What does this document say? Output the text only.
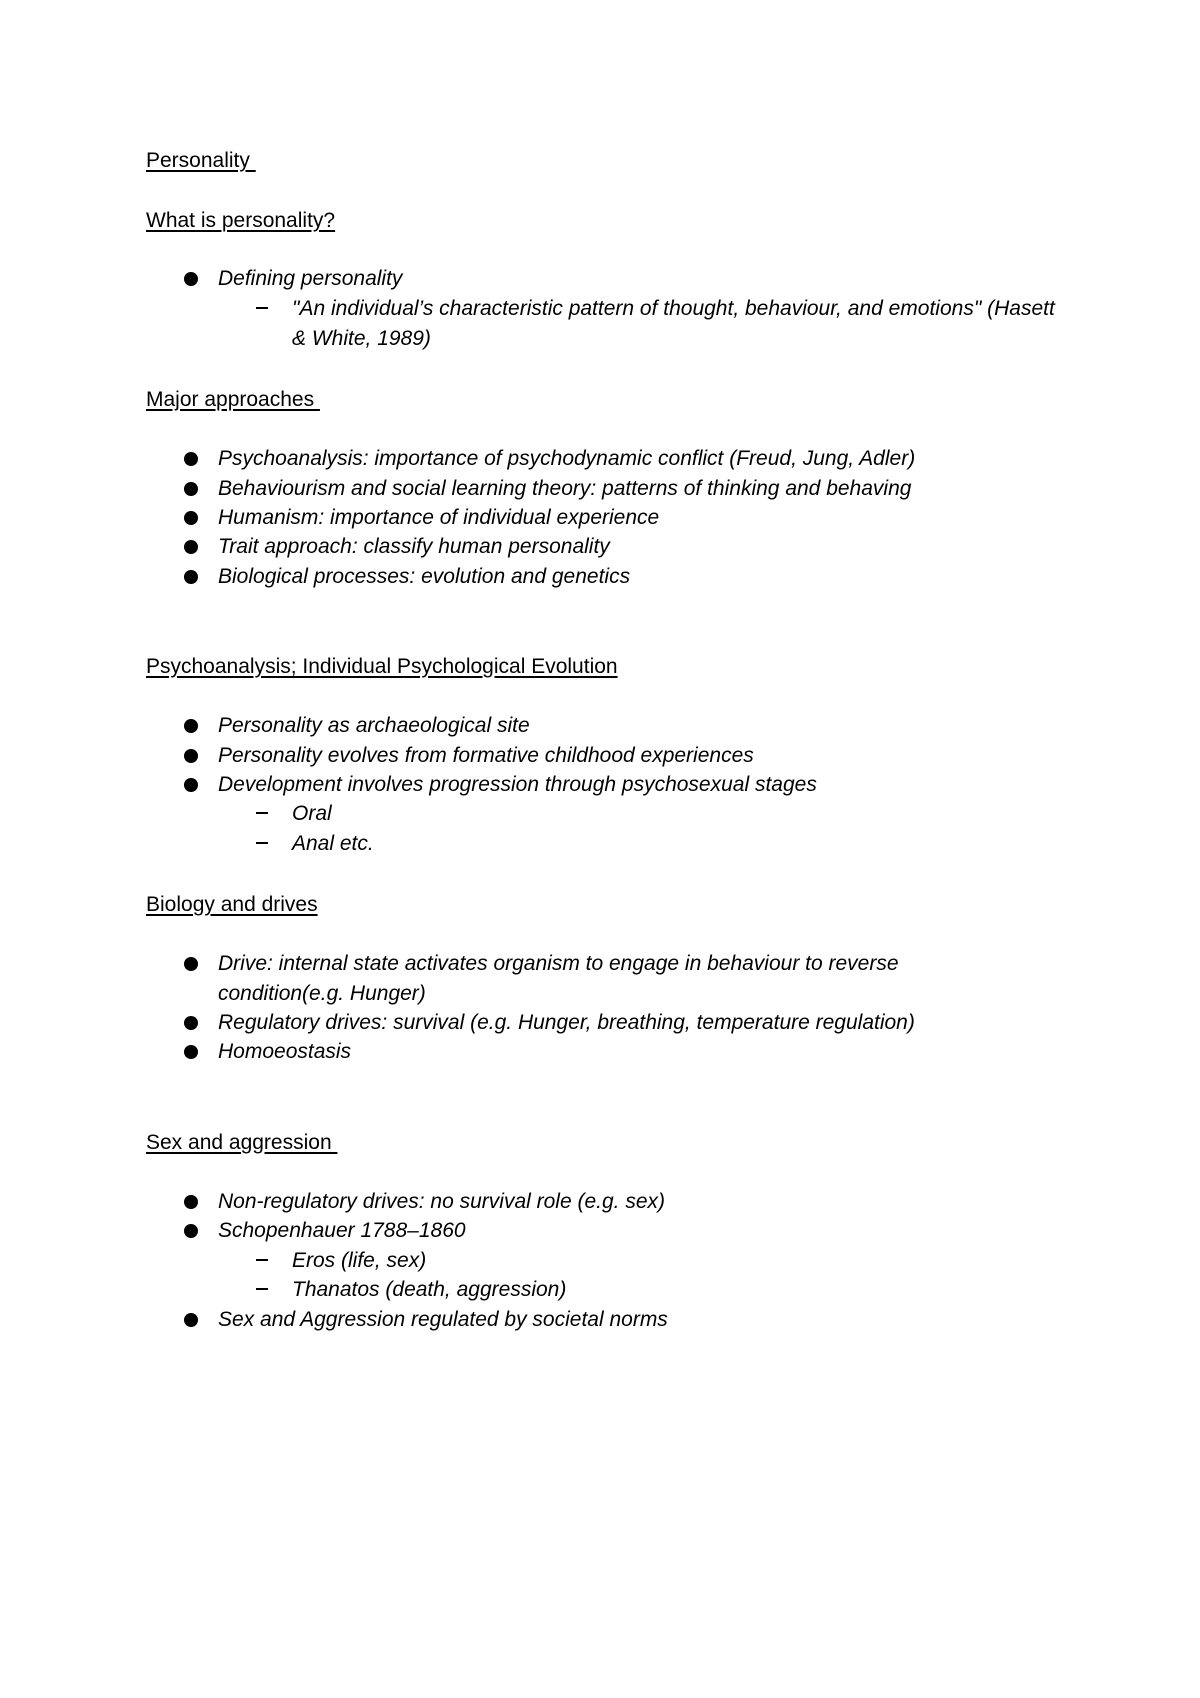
Personality
What is personality?
Defining personality
"An individual’s characteristic pattern of thought, behaviour, and emotions" (Hasett & White, 1989)
Major approaches
Psychoanalysis: importance of psychodynamic conflict (Freud, Jung, Adler)
Behaviourism and social learning theory: patterns of thinking and behaving
Humanism: importance of individual experience
Trait approach: classify human personality
Biological processes: evolution and genetics
Psychoanalysis; Individual Psychological Evolution
Personality as archaeological site
Personality evolves from formative childhood experiences
Development involves progression through psychosexual stages
Oral
Anal etc.
Biology and drives
Drive: internal state activates organism to engage in behaviour to reverse condition(e.g. Hunger)
Regulatory drives: survival (e.g. Hunger, breathing, temperature regulation)
Homoeostasis
Sex and aggression
Non-regulatory drives: no survival role (e.g. sex)
Schopenhauer 1788–1860
Eros (life, sex)
Thanatos (death, aggression)
Sex and Aggression regulated by societal norms
